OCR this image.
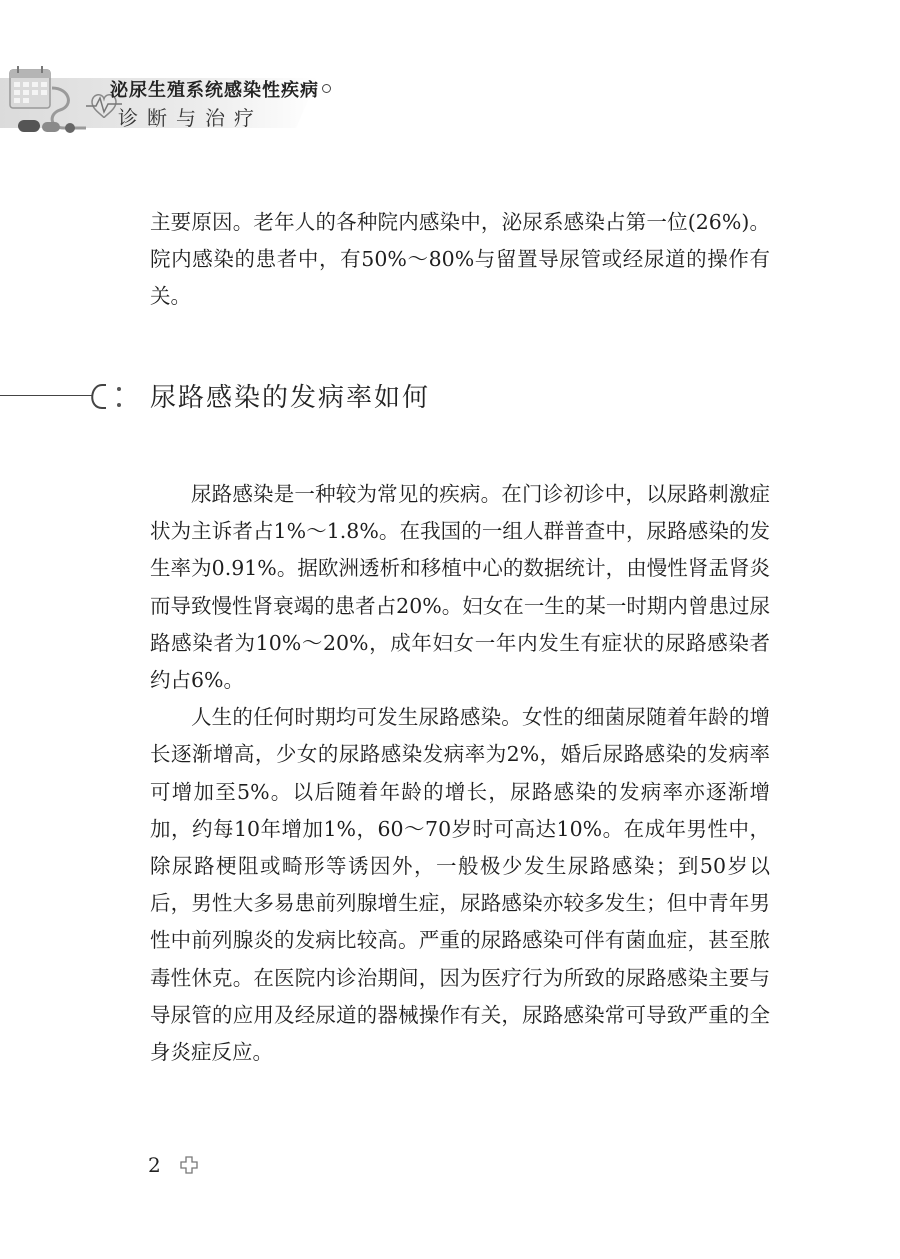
泌尿生殖系统感染性疾病
诊断与治疗

主要原因。老年人的各种院内感染中，泌尿系感染占第一位(26%)。院内感染的患者中，有50%～80%与留置导尿管或经尿道的操作有关。

尿路感染的发病率如何

尿路感染是一种较为常见的疾病。在门诊初诊中，以尿路刺激症状为主诉者占1%～1.8%。在我国的一组人群普查中，尿路感染的发生率为0.91%。据欧洲透析和移植中心的数据统计，由慢性肾盂肾炎而导致慢性肾衰竭的患者占20%。妇女在一生的某一时期内曾患过尿路感染者为10%～20%，成年妇女一年内发生有症状的尿路感染者约占6%。

人生的任何时期均可发生尿路感染。女性的细菌尿随着年龄的增长逐渐增高，少女的尿路感染发病率为2%，婚后尿路感染的发病率可增加至5%。以后随着年龄的增长，尿路感染的发病率亦逐渐增加，约每10年增加1%，60～70岁时可高达10%。在成年男性中，除尿路梗阻或畸形等诱因外，一般极少发生尿路感染；到50岁以后，男性大多易患前列腺增生症，尿路感染亦较多发生；但中青年男性中前列腺炎的发病比较高。严重的尿路感染可伴有菌血症，甚至脓毒性休克。在医院内诊治期间，因为医疗行为所致的尿路感染主要与导尿管的应用及经尿道的器械操作有关，尿路感染常可导致严重的全身炎症反应。

2
